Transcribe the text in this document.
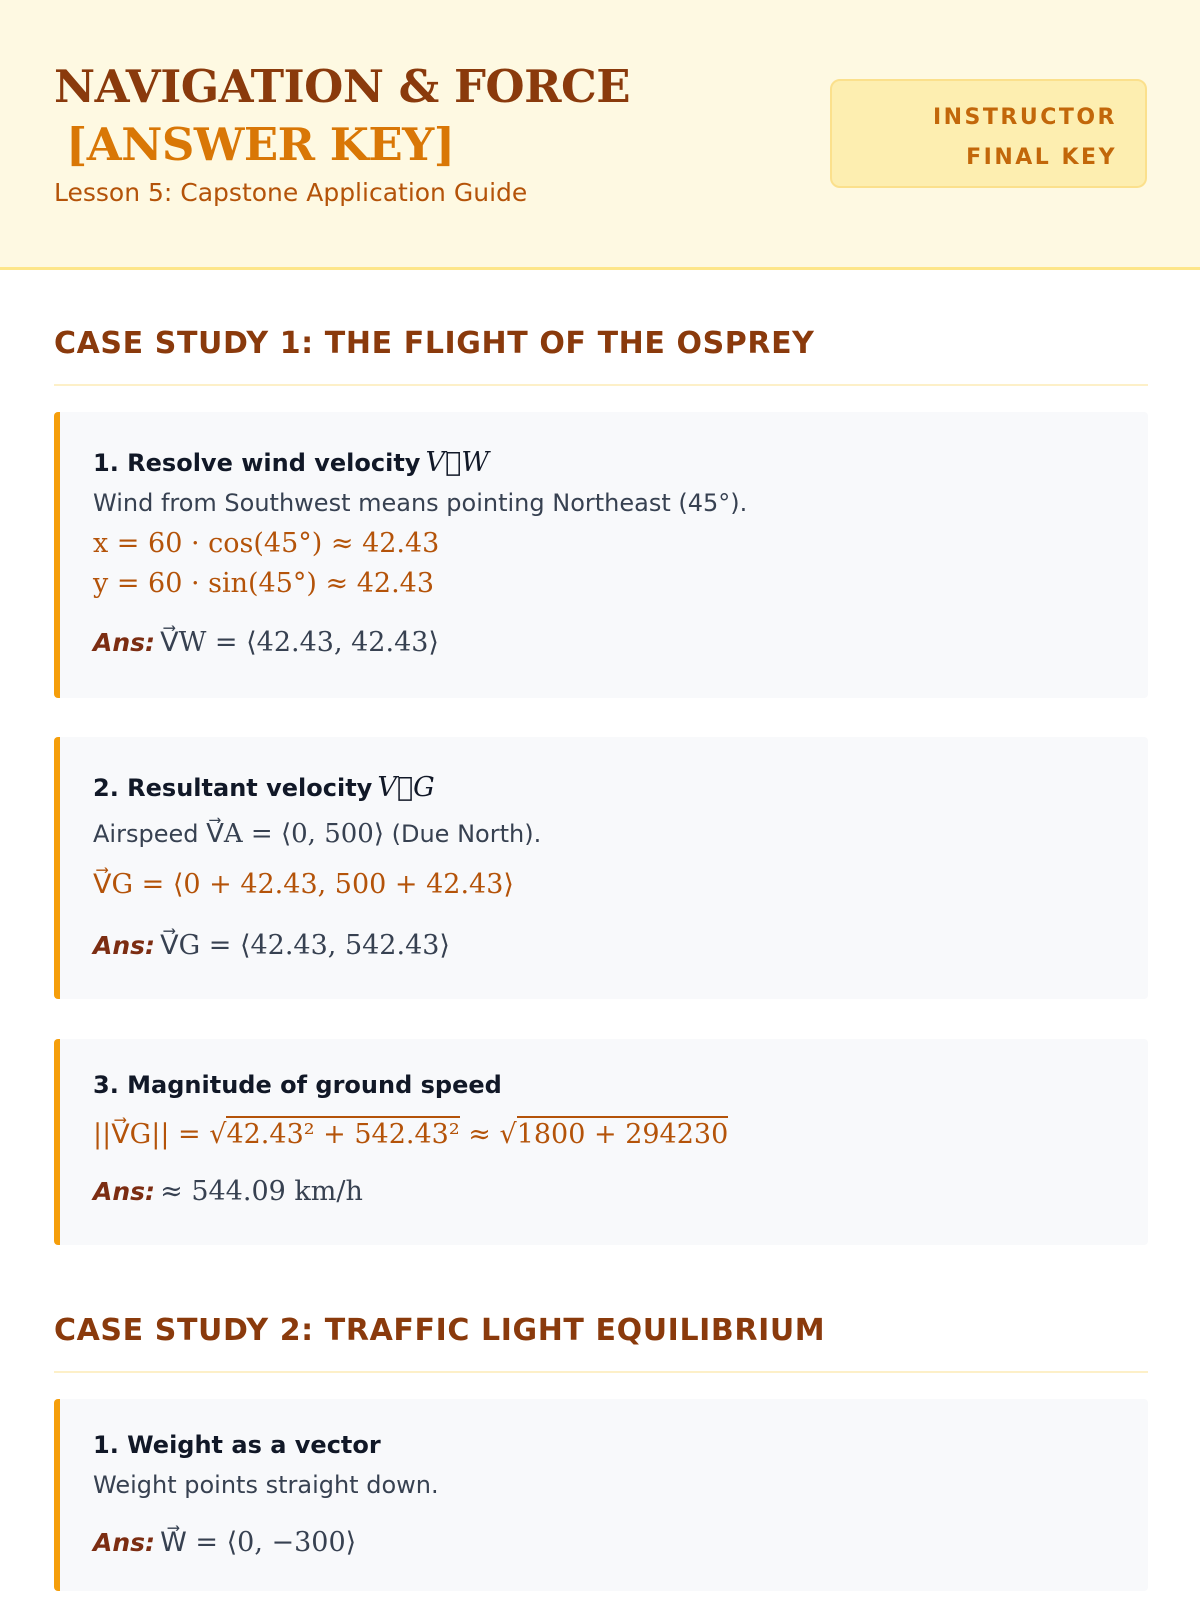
NAVIGATION & FORCE
[ANSWER KEY]
Lesson 5: Capstone Application Guide
INSTRUCTOR
FINAL KEY
CASE STUDY 1: THE FLIGHT OF THE OSPREY
1. Resolve wind velocity V⃗W
Wind from Southwest means pointing Northeast (45°).
x = 60 · cos(45°) ≈ 42.43
y = 60 · sin(45°) ≈ 42.43
Ans: V⃗W = ⟨42.43, 42.43⟩
2. Resultant velocity V⃗G
Airspeed V⃗A = ⟨0, 500⟩ (Due North).
V⃗G = ⟨0 + 42.43, 500 + 42.43⟩
Ans: V⃗G = ⟨42.43, 542.43⟩
3. Magnitude of ground speed
||V⃗G|| = √42.43² + 542.43² ≈ √1800 + 294230
Ans: ≈ 544.09 km/h
CASE STUDY 2: TRAFFIC LIGHT EQUILIBRIUM
1. Weight as a vector
Weight points straight down.
Ans: W⃗ = ⟨0, −300⟩
